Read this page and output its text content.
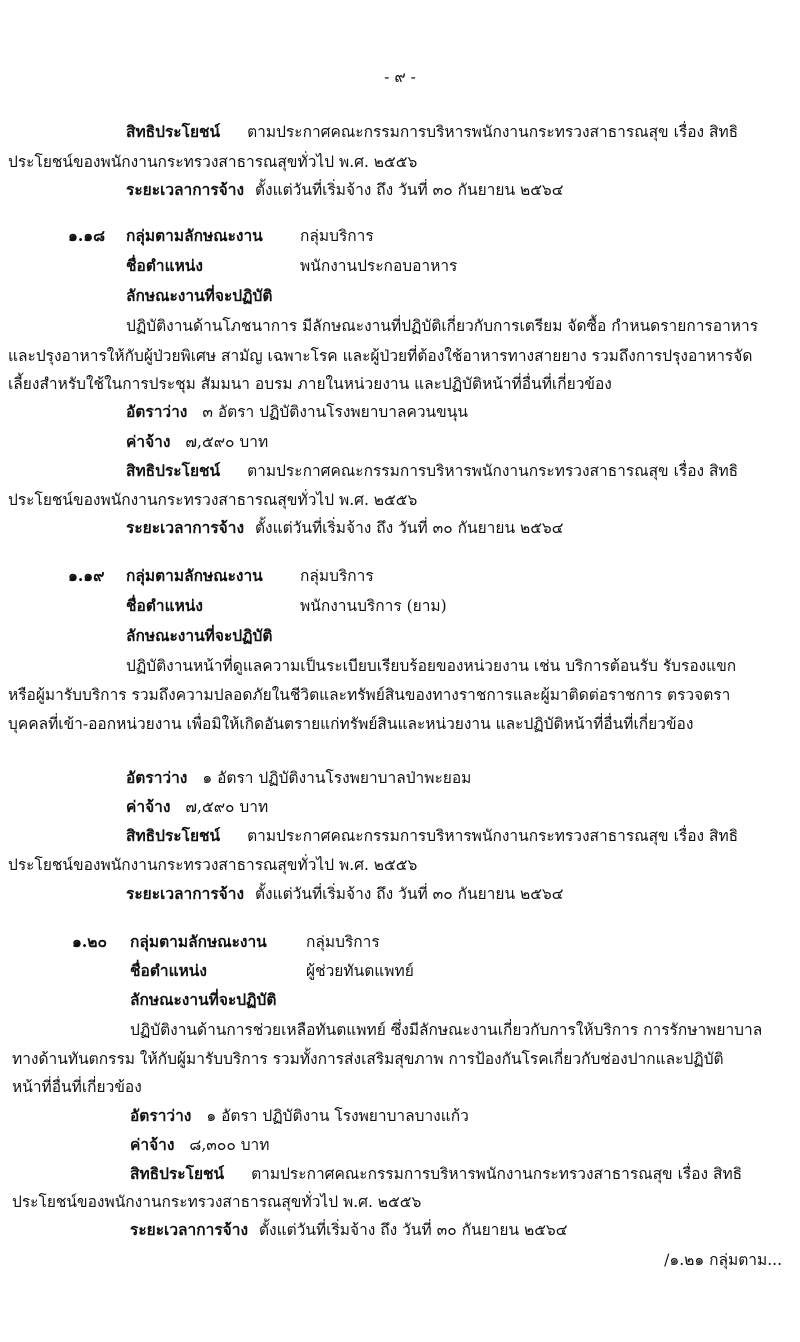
- ๙ -
สิทธิประโยชน์ ตามประกาศคณะกรรมการบริหารพนักงานกระทรวงสาธารณสุข เรื่อง สิทธิ
ประโยชน์ของพนักงานกระทรวงสาธารณสุขทั่วไป พ.ศ. ๒๕๕๖
ระยะเวลาการจ้าง ตั้งแต่วันที่เริ่มจ้าง ถึง วันที่ ๓๐ กันยายน ๒๕๖๔
๑.๑๘ กลุ่มตามลักษณะงาน กลุ่มบริการ
ชื่อตำแหน่ง	พนักงานประกอบอาหาร
ลักษณะงานที่จะปฏิบัติ
ปฏิบัติงานด้านโภชนาการ มีลักษณะงานที่ปฏิบัติเกี่ยวกับการเตรียม จัดซื้อ กำหนดรายการอาหาร
และปรุงอาหารให้กับผู้ป่วยพิเศษ สามัญ เฉพาะโรค และผู้ป่วยที่ต้องใช้อาหารทางสายยาง รวมถึงการปรุงอาหารจัด
เลี้ยงสำหรับใช้ในการประชุม สัมมนา อบรม ภายในหน่วยงาน และปฏิบัติหน้าที่อื่นที่เกี่ยวข้อง
อัตราว่าง ๓ อัตรา ปฏิบัติงานโรงพยาบาลควนขนุน
ค่าจ้าง ๗,๕๙๐ บาท
สิทธิประโยชน์ ตามประกาศคณะกรรมการบริหารพนักงานกระทรวงสาธารณสุข เรื่อง สิทธิ
ประโยชน์ของพนักงานกระทรวงสาธารณสุขทั่วไป พ.ศ. ๒๕๕๖
ระยะเวลาการจ้าง ตั้งแต่วันที่เริ่มจ้าง ถึง วันที่ ๓๐ กันยายน ๒๕๖๔
๑.๑๙ กลุ่มตามลักษณะงาน กลุ่มบริการ
ชื่อตำแหน่ง	พนักงานบริการ (ยาม)
ลักษณะงานที่จะปฏิบัติ
ปฏิบัติงานหน้าที่ดูแลความเป็นระเบียบเรียบร้อยของหน่วยงาน เช่น บริการต้อนรับ รับรองแขก
หรือผู้มารับบริการ รวมถึงความปลอดภัยในชีวิตและทรัพย์สินของทางราชการและผู้มาติดต่อราชการ ตรวจตรา
บุคคลที่เข้า-ออกหน่วยงาน เพื่อมิให้เกิดอันตรายแก่ทรัพย์สินและหน่วยงาน และปฏิบัติหน้าที่อื่นที่เกี่ยวข้อง
อัตราว่าง ๑ อัตรา ปฏิบัติงานโรงพยาบาลป่าพะยอม
ค่าจ้าง ๗,๕๙๐ บาท
สิทธิประโยชน์ ตามประกาศคณะกรรมการบริหารพนักงานกระทรวงสาธารณสุข เรื่อง สิทธิ
ประโยชน์ของพนักงานกระทรวงสาธารณสุขทั่วไป พ.ศ. ๒๕๕๖
ระยะเวลาการจ้าง ตั้งแต่วันที่เริ่มจ้าง ถึง วันที่ ๓๐ กันยายน ๒๕๖๔
๑.๒๐ กลุ่มตามลักษณะงาน	กลุ่มบริการ
ชื่อตำแหน่ง	ผู้ช่วยทันตแพทย์
ลักษณะงานที่จะปฏิบัติ
ปฏิบัติงานด้านการช่วยเหลือทันตแพทย์ ซึ่งมีลักษณะงานเกี่ยวกับการให้บริการ การรักษาพยาบาล
ทางด้านทันตกรรม ให้กับผู้มารับบริการ รวมทั้งการส่งเสริมสุขภาพ การป้องกันโรคเกี่ยวกับช่องปากและปฏิบัติ
หน้าที่อื่นที่เกี่ยวข้อง
อัตราว่าง ๑ อัตรา ปฏิบัติงาน โรงพยาบาลบางแก้ว
ค่าจ้าง ๘,๓๐๐ บาท
สิทธิประโยชน์ ตามประกาศคณะกรรมการบริหารพนักงานกระทรวงสาธารณสุข เรื่อง สิทธิ
ประโยชน์ของพนักงานกระทรวงสาธารณสุขทั่วไป พ.ศ. ๒๕๕๖
ระยะเวลาการจ้าง ตั้งแต่วันที่เริ่มจ้าง ถึง วันที่ ๓๐ กันยายน ๒๕๖๔
/๑.๒๑ กลุ่มตาม...
